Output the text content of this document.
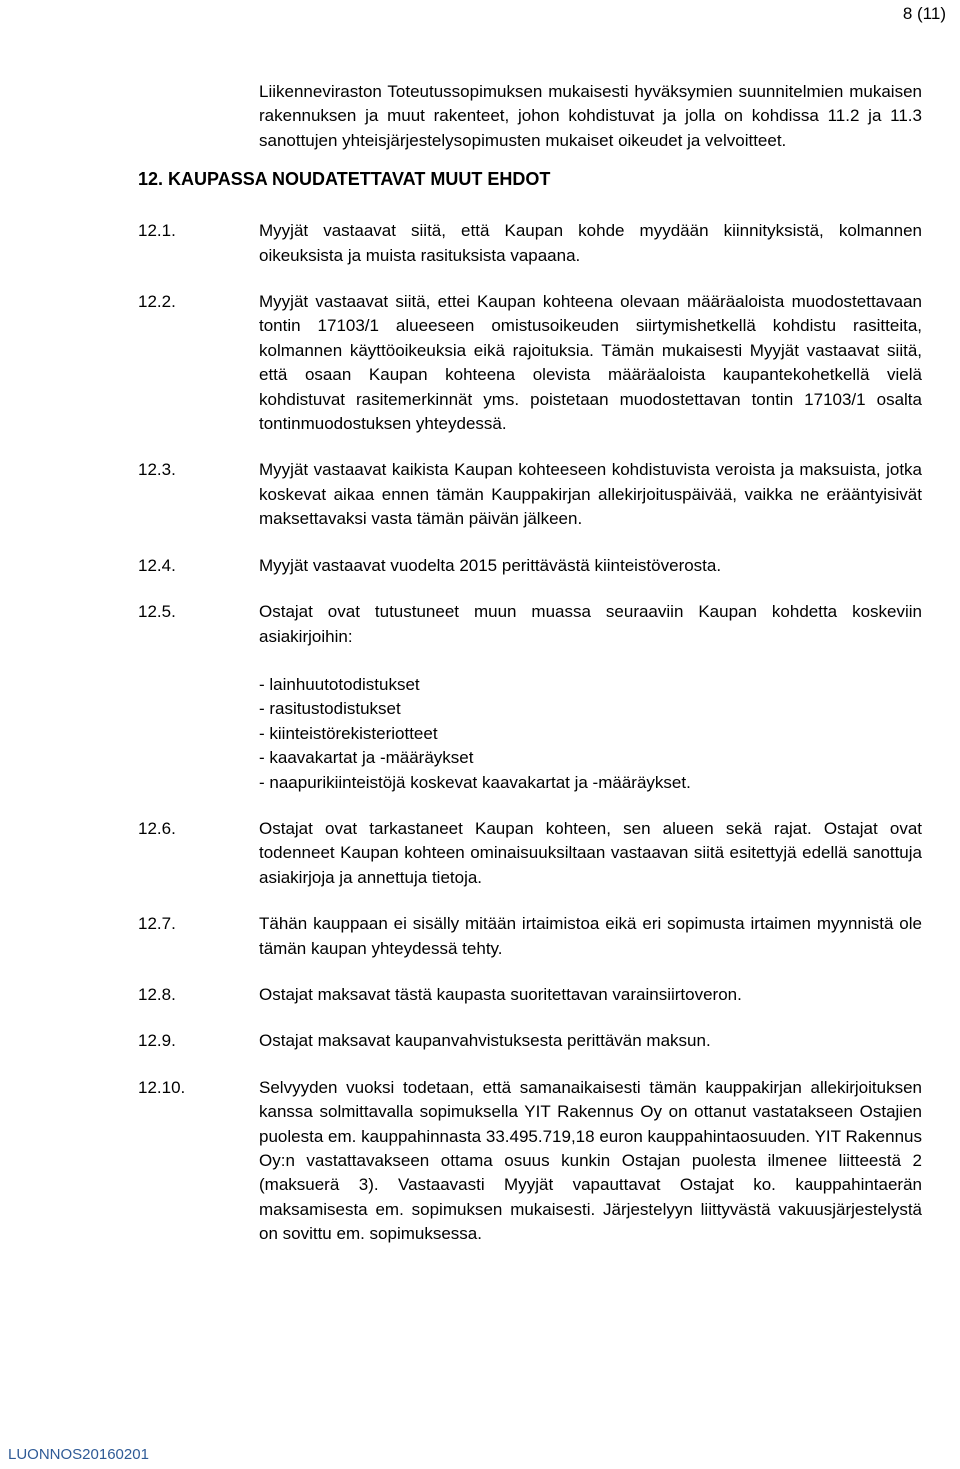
8 (11)
Liikenneviraston Toteutussopimuksen mukaisesti hyväksymien suunnitelmien mukaisen rakennuksen ja muut rakenteet, johon kohdistuvat ja jolla on kohdissa 11.2 ja 11.3 sanottujen yhteisjärjestelysopimusten mukaiset oikeudet ja velvoitteet.
12. KAUPASSA NOUDATETTAVAT MUUT EHDOT
12.1.	Myyjät vastaavat siitä, että Kaupan kohde myydään kiinnityksistä, kolmannen oikeuksista ja muista rasituksista vapaana.
12.2.	Myyjät vastaavat siitä, ettei Kaupan kohteena olevaan määräaloista muodostettavaan tontin 17103/1 alueeseen omistusoikeuden siirtymishetkellä kohdistu rasitteita, kolmannen käyttöoikeuksia eikä rajoituksia. Tämän mukaisesti Myyjät vastaavat siitä, että osaan Kaupan kohteena olevista määräaloista kaupantekohetkellä vielä kohdistuvat rasitemerkinnät yms. poistetaan muodostettavan tontin 17103/1 osalta tontinmuodostuksen yhteydessä.
12.3.	Myyjät vastaavat kaikista Kaupan kohteeseen kohdistuvista veroista ja maksuista, jotka koskevat aikaa ennen tämän Kauppakirjan allekirjoituspäivää, vaikka ne erääntyisivät maksettavaksi vasta tämän päivän jälkeen.
12.4.	Myyjät vastaavat vuodelta 2015 perittävästä kiinteistöverosta.
12.5.	Ostajat ovat tutustuneet muun muassa seuraaviin Kaupan kohdetta koskeviin asiakirjoihin:
- lainhuutotodistukset
- rasitustodistukset
- kiinteistörekisteriotteet
- kaavakartat ja -määräykset
- naapurikiinteistöjä koskevat kaavakartat ja -määräykset.
12.6.	Ostajat ovat tarkastaneet Kaupan kohteen, sen alueen sekä rajat. Ostajat ovat todenneet Kaupan kohteen ominaisuuksiltaan vastaavan siitä esitettyjä edellä sanottuja asiakirjoja ja annettuja tietoja.
12.7.	Tähän kauppaan ei sisälly mitään irtaimistoa eikä eri sopimusta irtaimen myynnistä ole tämän kaupan yhteydessä tehty.
12.8.	Ostajat maksavat tästä kaupasta suoritettavan varainsiirtoveron.
12.9.	Ostajat maksavat kaupanvahvistuksesta perittävän maksun.
12.10.	Selvyyden vuoksi todetaan, että samanaikaisesti tämän kauppakirjan allekirjoituksen kanssa solmittavalla sopimuksella YIT Rakennus Oy on ottanut vastatakseen Ostajien puolesta em. kauppahinnasta 33.495.719,18 euron kauppahintaosuuden. YIT Rakennus Oy:n vastattavakseen ottama osuus kunkin Ostajan puolesta ilmenee liitteestä 2 (maksuerä 3). Vastaavasti Myyjät vapauttavat Ostajat ko. kauppahintaerän maksamisesta em. sopimuksen mukaisesti. Järjestelyyn liittyvästä vakuusjärjestelystä on sovittu em. sopimuksessa.
LUONNOS20160201
